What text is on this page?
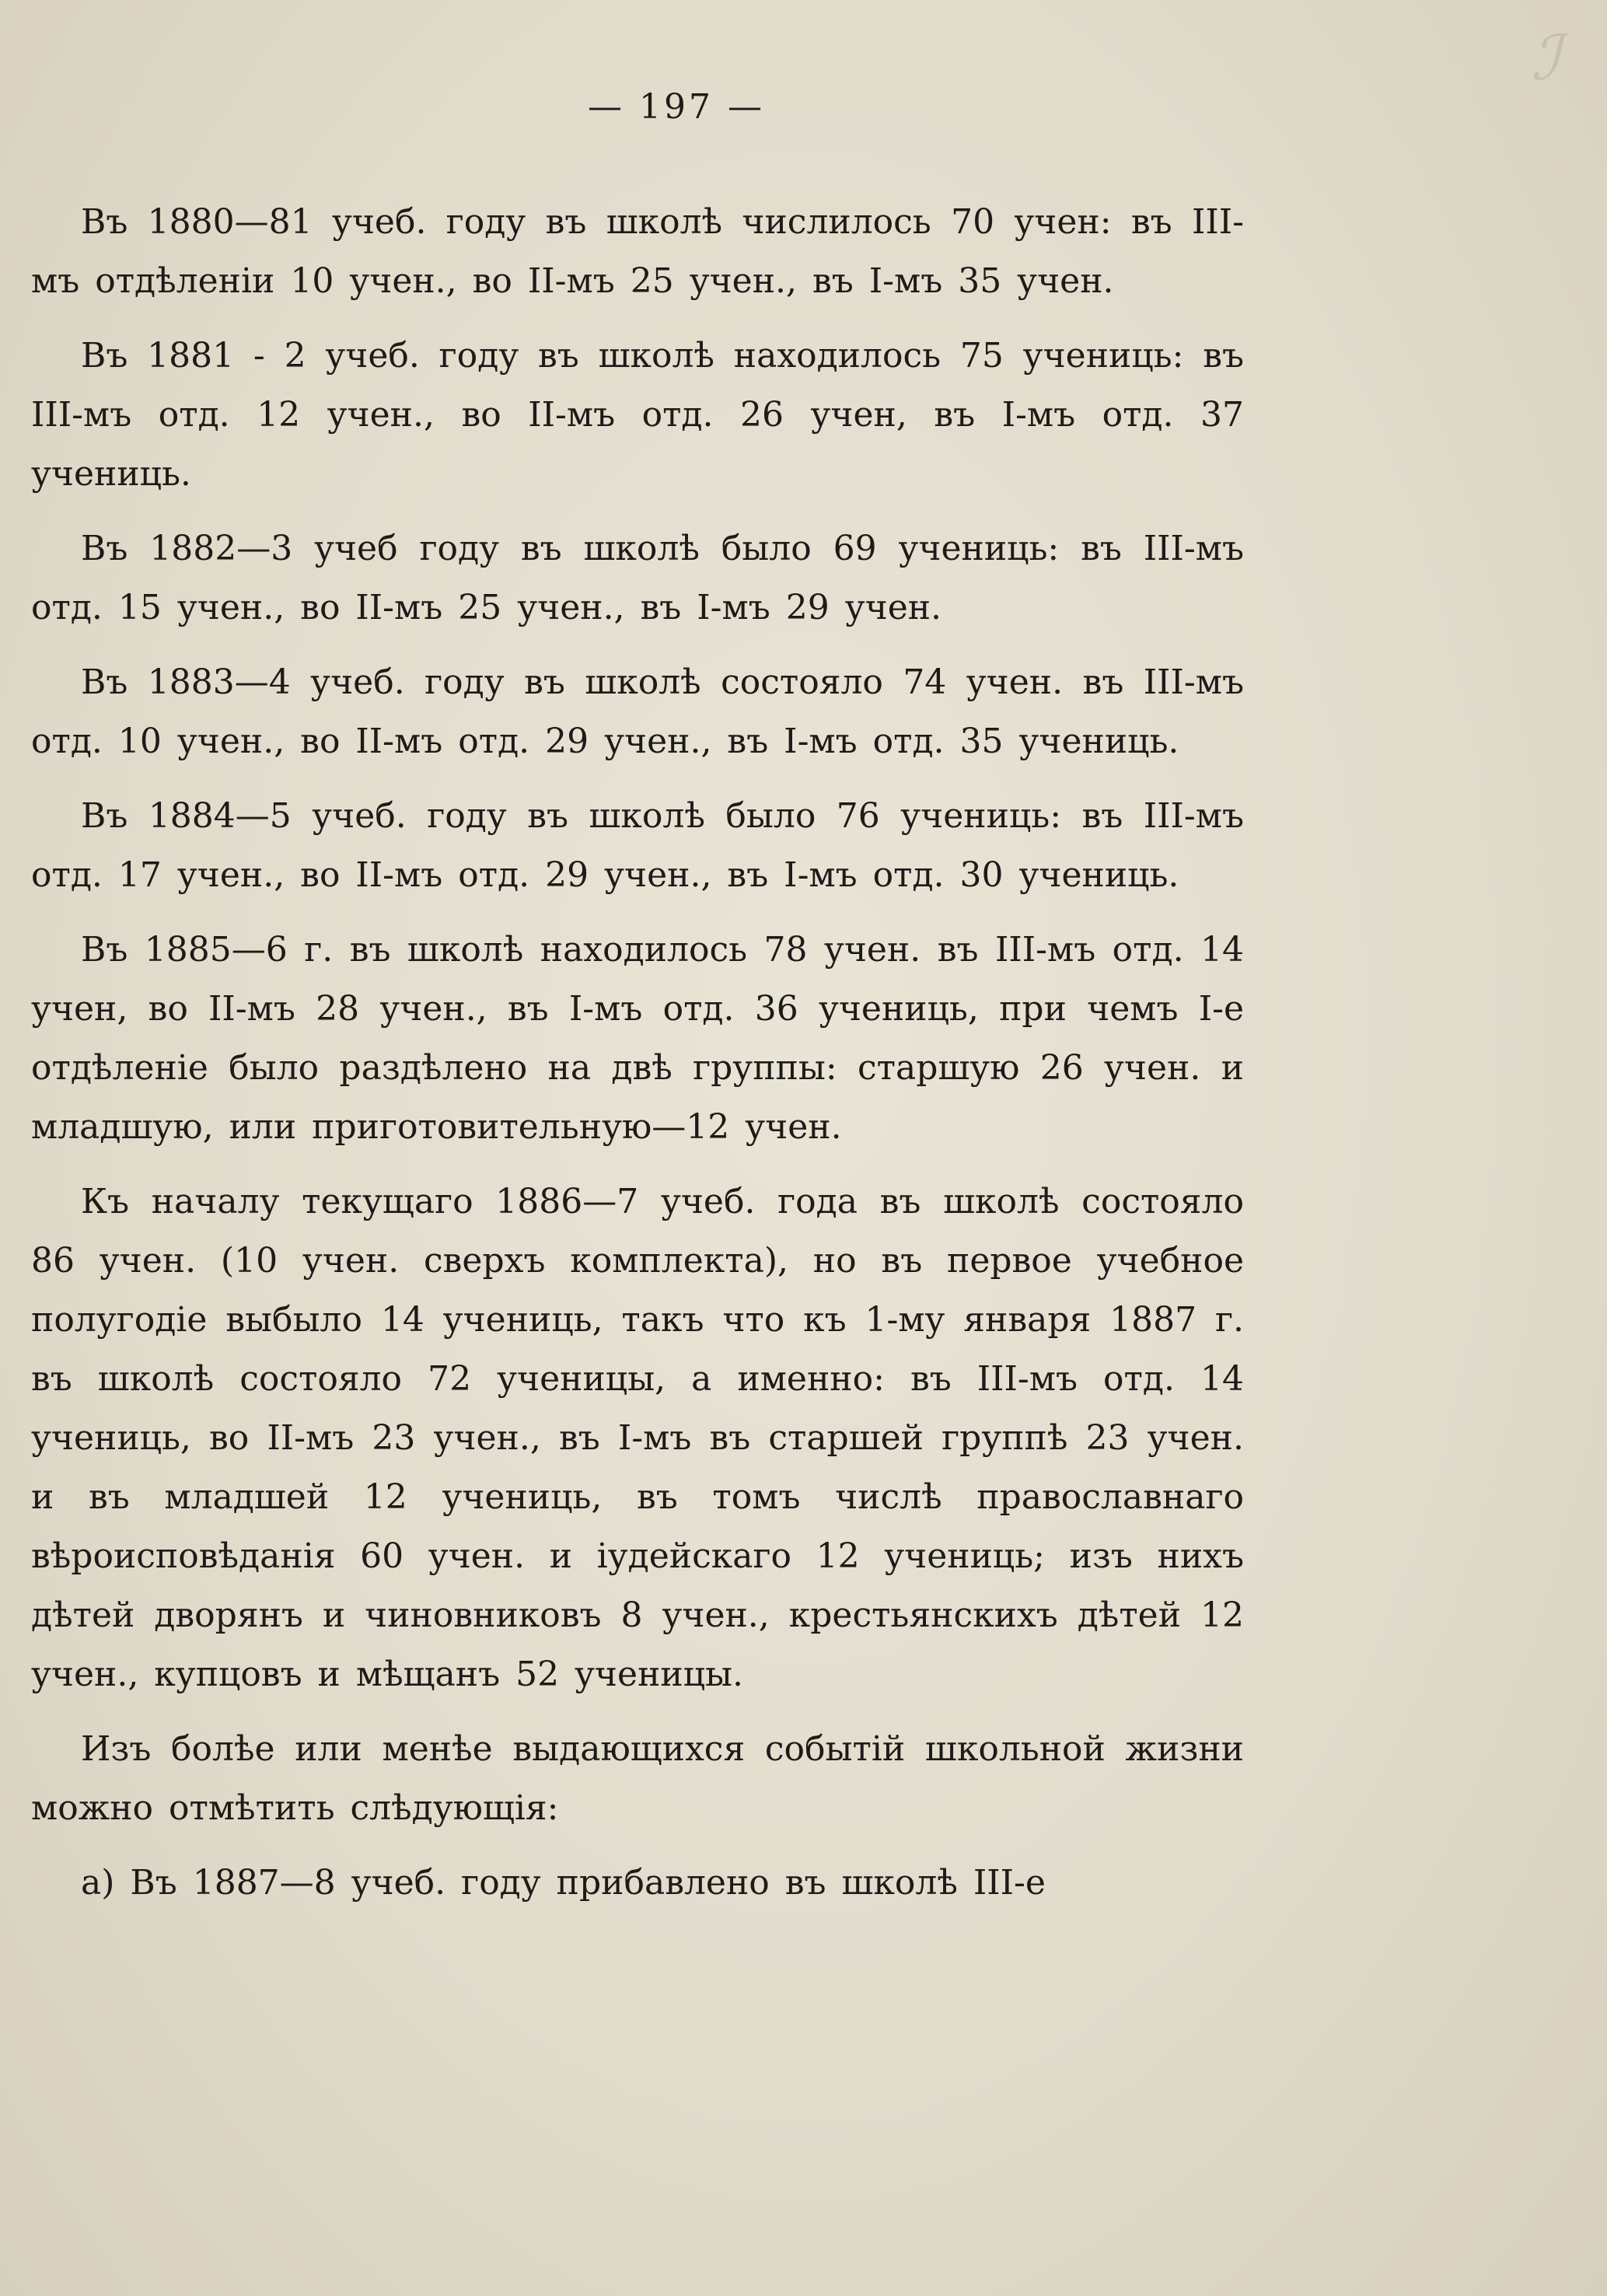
ℐ
— 197 —

Въ 1880—81 учеб. году въ школѣ числилось 70 учен: въ III-мъ отдѣленіи 10 учен., во II-мъ 25 учен., въ I-мъ 35 учен.

Въ 1881 - 2 учеб. году въ школѣ находилось 75 учениць: въ III-мъ отд. 12 учен., во II-мъ отд. 26 учен, въ I-мъ отд. 37 учениць.

Въ 1882—3 учеб году въ школѣ было 69 учениць: въ III-мъ отд. 15 учен., во II-мъ 25 учен., въ I-мъ 29 учен.

Въ 1883—4 учеб. году въ школѣ состояло 74 учен. въ III-мъ отд. 10 учен., во II-мъ отд. 29 учен., въ I-мъ отд. 35 учениць.

Въ 1884—5 учеб. году въ школѣ было 76 учениць: въ III-мъ отд. 17 учен., во II-мъ отд. 29 учен., въ I-мъ отд. 30 учениць.

Въ 1885—6 г. въ школѣ находилось 78 учен. въ III-мъ отд. 14 учен, во II-мъ 28 учен., въ I-мъ отд. 36 учениць, при чемъ I-е отдѣленіе было раздѣлено на двѣ группы: старшую 26 учен. и младшую, или приготовительную—12 учен.

Къ началу текущаго 1886—7 учеб. года въ школѣ состояло 86 учен. (10 учен. сверхъ комплекта), но въ первое учебное полугодіе выбыло 14 учениць, такъ что къ 1-му января 1887 г. въ школѣ состояло 72 ученицы, а именно: въ III-мъ отд. 14 учениць, во II-мъ 23 учен., въ I-мъ въ старшей группѣ 23 учен. и въ младшей 12 учениць, въ томъ числѣ православнаго вѣроисповѣданія 60 учен. и іудейскаго 12 учениць; изъ нихъ дѣтей дворянъ и чиновниковъ 8 учен., крестьянскихъ дѣтей 12 учен., купцовъ и мѣщанъ 52 ученицы.

Изъ болѣе или менѣе выдающихся событій школьной жизни можно отмѣтить слѣдующія:

а) Въ 1887—8 учеб. году прибавлено въ школѣ III-е
